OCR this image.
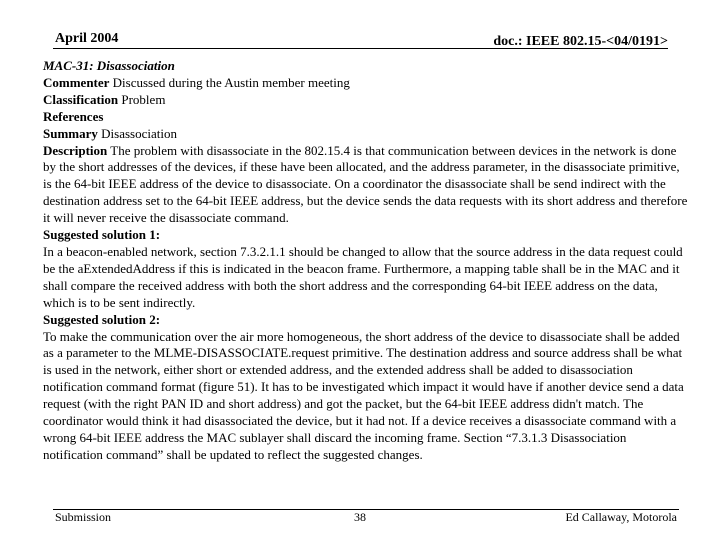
April 2004	doc.: IEEE 802.15-<04/0191>

MAC-31: Disassociation

Commenter Discussed during the Austin member meeting

Classification Problem

References

Summary Disassociation

Description The problem with disassociate in the 802.15.4 is that communication between devices in the network is done by the short addresses of the devices, if these have been allocated, and the address parameter, in the disassociate primitive, is the 64-bit IEEE address of the device to disassociate. On a coordinator the disassociate shall be send indirect with the destination address set to the 64-bit IEEE address, but the device sends the data requests with its short address and therefore it will never receive the disassociate command.

Suggested solution 1:

In a beacon-enabled network, section 7.3.2.1.1 should be changed to allow that the source address in the data request could be the aExtendedAddress if this is indicated in the beacon frame. Furthermore, a mapping table shall be in the MAC and it shall compare the received address with both the short address and the corresponding 64-bit IEEE address on the data, which is to be sent indirectly.

Suggested solution 2:

To make the communication over the air more homogeneous, the short address of the device to disassociate shall be added as a parameter to the MLME-DISASSOCIATE.request primitive. The destination address and source address shall be what is used in the network, either short or extended address, and the extended address shall be added to disassociation notification command format (figure 51). It has to be investigated which impact it would have if another device send a data request (with the right PAN ID and short address) and got the packet, but the 64-bit IEEE address didn't match. The coordinator would think it had disassociated the device, but it had not. If a device receives a disassociate command with a wrong 64-bit IEEE address the MAC sublayer shall discard the incoming frame. Section “7.3.1.3 Disassociation notification command” shall be updated to reflect the suggested changes.

Submission	38	Ed Callaway, Motorola
